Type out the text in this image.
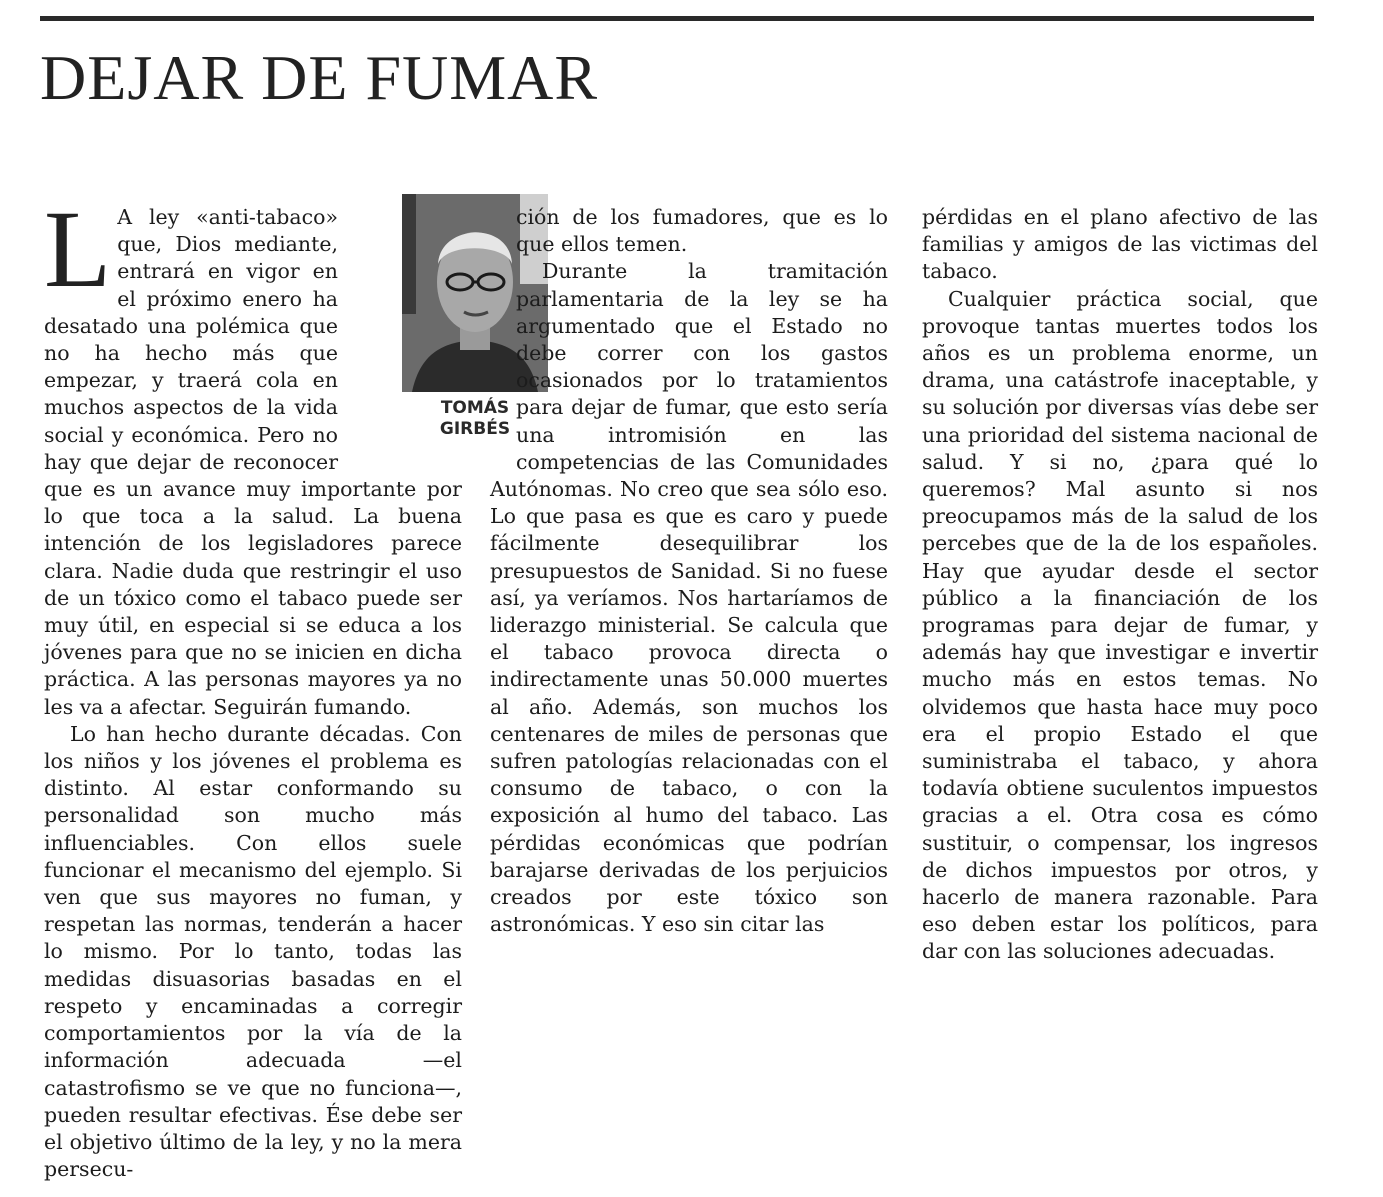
DEJAR DE FUMAR
TOMÁS
GIRBÉS

L A ley «anti-tabaco» que, Dios mediante, entrará en vigor en el próximo enero ha desatado una polémica que no ha hecho más que empezar, y traerá cola en muchos aspectos de la vida social y económica. Pero no hay que dejar de reconocer que es un avance muy importante por lo que toca a la salud. La buena intención de los legisladores parece clara. Nadie duda que restringir el uso de un tóxico como el tabaco puede ser muy útil, en especial si se educa a los jóvenes para que no se inicien en dicha práctica. A las personas mayores ya no les va a afectar. Seguirán fumando.

Lo han hecho durante décadas. Con los niños y los jóvenes el problema es distinto. Al estar conformando su personalidad son mucho más influenciables. Con ellos suele funcionar el mecanismo del ejemplo. Si ven que sus mayores no fuman, y respetan las normas, tenderán a hacer lo mismo. Por lo tanto, todas las medidas disuasorias basadas en el respeto y encaminadas a corregir comportamientos por la vía de la información adecuada —el catastrofismo se ve que no funciona—, pueden resultar efectivas. Ése debe ser el objetivo último de la ley, y no la mera persecu-

ción de los fumadores, que es lo que ellos temen.

Durante la tramitación parlamentaria de la ley se ha argumentado que el Estado no debe correr con los gastos ocasionados por lo tratamientos para dejar de fumar, que esto sería una intromisión en las competencias de las Comunidades Autónomas. No creo que sea sólo eso. Lo que pasa es que es caro y puede fácilmente desequilibrar los presupuestos de Sanidad. Si no fuese así, ya veríamos. Nos hartaríamos de liderazgo ministerial. Se calcula que el tabaco provoca directa o indirectamente unas 50.000 muertes al año. Además, son muchos los centenares de miles de personas que sufren patologías relacionadas con el consumo de tabaco, o con la exposición al humo del tabaco. Las pérdidas económicas que podrían barajarse derivadas de los perjuicios creados por este tóxico son astronómicas. Y eso sin citar las

pérdidas en el plano afectivo de las familias y amigos de las victimas del tabaco.

Cualquier práctica social, que provoque tantas muertes todos los años es un problema enorme, un drama, una catástrofe inaceptable, y su solución por diversas vías debe ser una prioridad del sistema nacional de salud. Y si no, ¿para qué lo queremos? Mal asunto si nos preocupamos más de la salud de los percebes que de la de los españoles. Hay que ayudar desde el sector público a la financiación de los programas para dejar de fumar, y además hay que investigar e invertir mucho más en estos temas. No olvidemos que hasta hace muy poco era el propio Estado el que suministraba el tabaco, y ahora todavía obtiene suculentos impuestos gracias a el. Otra cosa es cómo sustituir, o compensar, los ingresos de dichos impuestos por otros, y hacerlo de manera razonable. Para eso deben estar los políticos, para dar con las soluciones adecuadas.
